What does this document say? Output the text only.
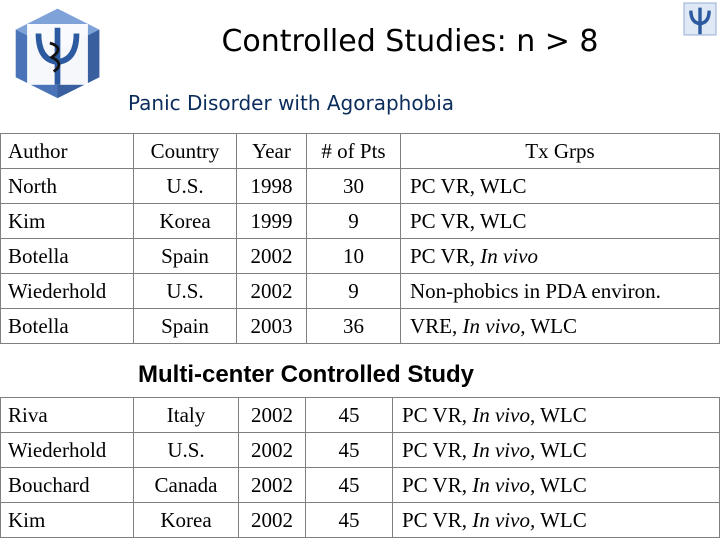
Controlled Studies: n > 8
Panic Disorder with Agoraphobia
Author	Country	Year	# of Pts	Tx Grps
North	U.S.	1998	30	PC VR, WLC
Kim	Korea	1999	9	PC VR, WLC
Botella	Spain	2002	10	PC VR, In vivo
Wiederhold	U.S.	2002	9	Non-phobics in PDA environ.
Botella	Spain	2003	36	VRE, In vivo, WLC
Multi-center Controlled Study
Riva	Italy	2002	45	PC VR, In vivo, WLC
Wiederhold	U.S.	2002	45	PC VR, In vivo, WLC
Bouchard	Canada	2002	45	PC VR, In vivo, WLC
Kim	Korea	2002	45	PC VR, In vivo, WLC
